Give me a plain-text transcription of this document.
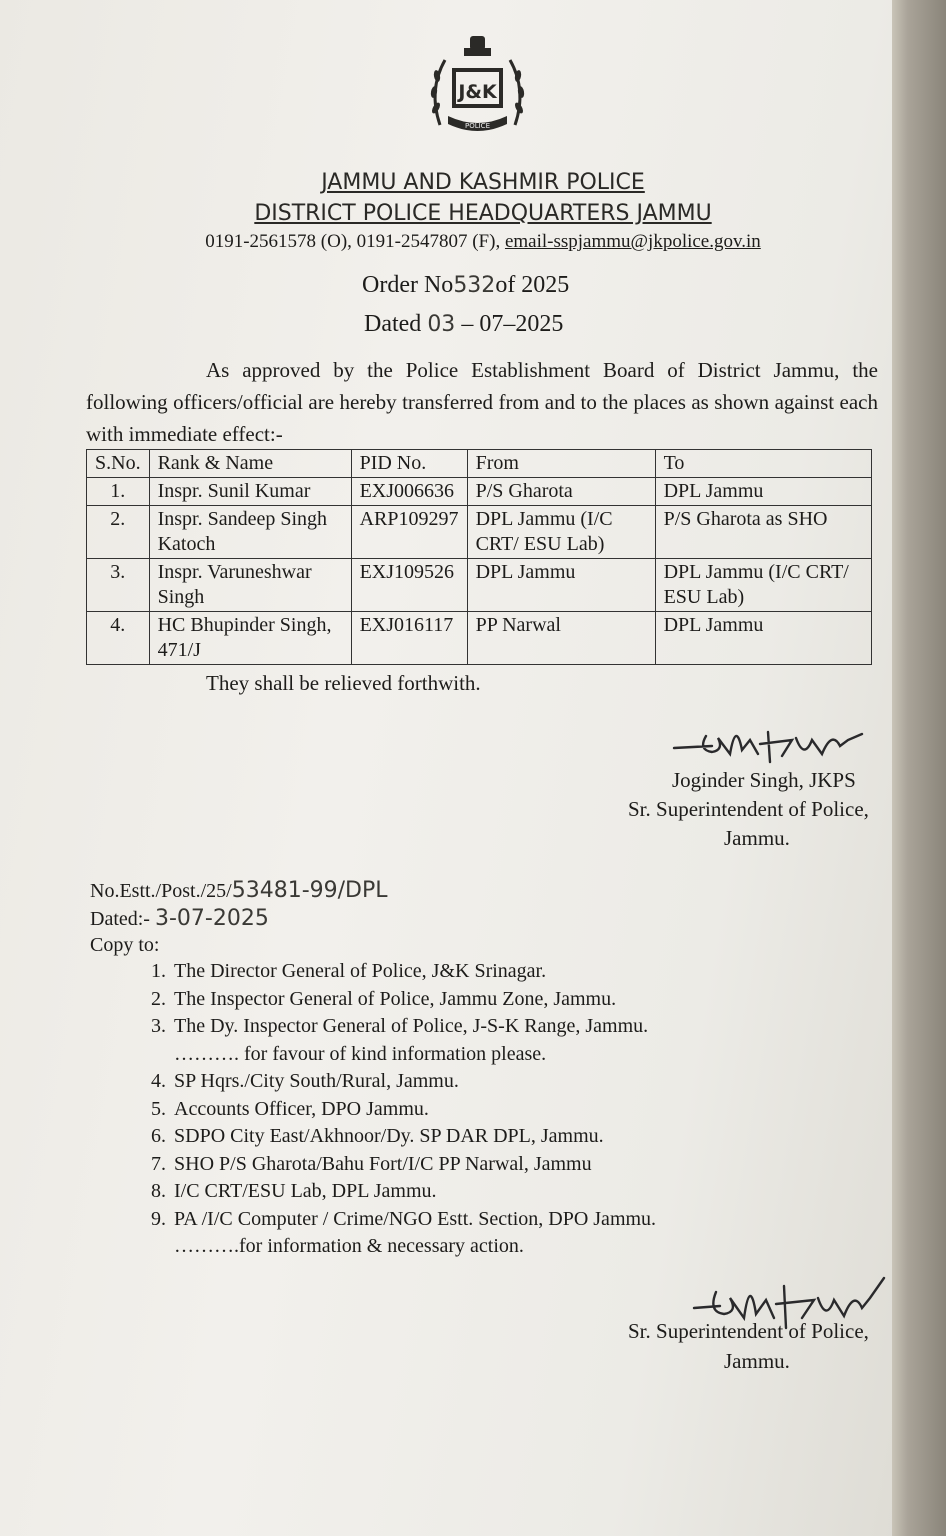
J&K
POLICE
JAMMU AND KASHMIR POLICE
DISTRICT POLICE HEADQUARTERS JAMMU
0191-2561578 (O), 0191-2547807 (F), email-sspjammu@jkpolice.gov.in
Order No532of 2025
Dated 03 – 07–2025
As approved by the Police Establishment Board of District Jammu, the following officers/official are hereby transferred from and to the places as shown against each with immediate effect:-
S.No.	Rank & Name	PID No.	From	To
1.	Inspr. Sunil Kumar	EXJ006636	P/S Gharota	DPL Jammu
2.	Inspr. Sandeep Singh Katoch	ARP109297	DPL Jammu (I/C CRT/ ESU Lab)	P/S Gharota as SHO
3.	Inspr. Varuneshwar Singh	EXJ109526	DPL Jammu	DPL Jammu (I/C CRT/ ESU Lab)
4.	HC Bhupinder Singh, 471/J	EXJ016117	PP Narwal	DPL Jammu
They shall be relieved forthwith.
Joginder Singh, JKPS
Sr. Superintendent of Police,
Jammu.
No.Estt./Post./25/53481-99/DPL
Dated:- 3-07-2025
Copy to:
1. The Director General of Police, J&K Srinagar.
2. The Inspector General of Police, Jammu Zone, Jammu.
3. The Dy. Inspector General of Police, J-S-K Range, Jammu.
………. for favour of kind information please.
4. SP Hqrs./City South/Rural, Jammu.
5. Accounts Officer, DPO Jammu.
6. SDPO City East/Akhnoor/Dy. SP DAR DPL, Jammu.
7. SHO P/S Gharota/Bahu Fort/I/C PP Narwal, Jammu
8. I/C CRT/ESU Lab, DPL Jammu.
9. PA /I/C Computer / Crime/NGO Estt. Section, DPO Jammu.
……….for information & necessary action.
Sr. Superintendent of Police,
Jammu.
